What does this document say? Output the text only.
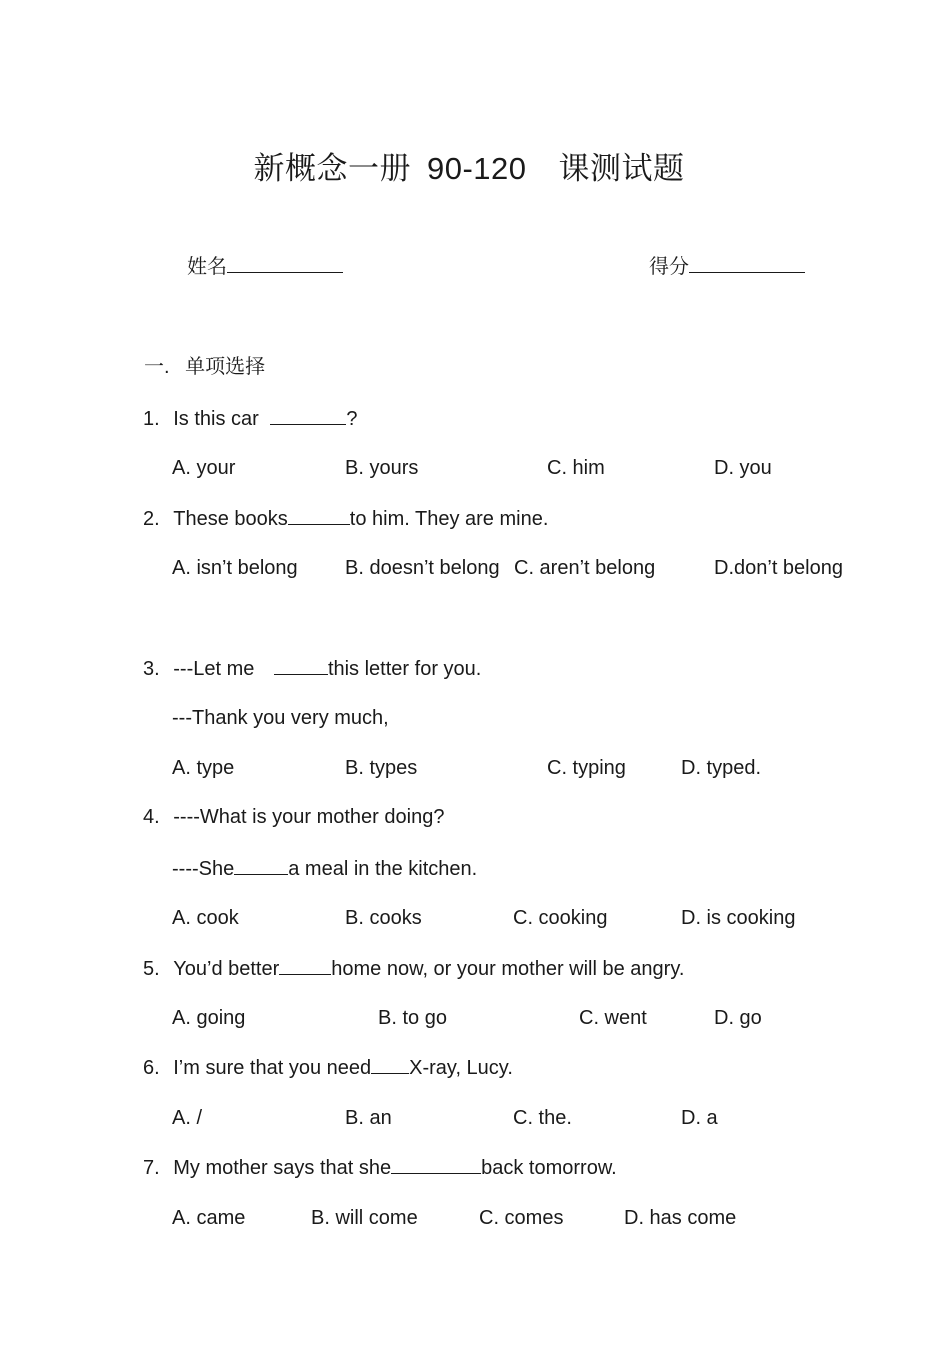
新概念一册 90-120 课测试题
姓名	得分
一. 单项选择
1. Is this car	?
A. your	B. yours	C. him	D. you
2. These books	to him. They are mine.
A. isn’t belong B. doesn’t belong C. aren’t belong	D.don’t belong
3. ---Let me	this letter for you.
---Thank you very much,
A. type	B. types	C. typing	D. typed.
4. ----What is your mother doing?
----She	a meal in the kitchen.
A. cook	B. cooks	C. cooking	D. is cooking
5. You’d better	home now, or your mother will be angry.
A. going	B. to go	C. went	D. go
6. I’m sure that you need X-ray, Lucy.
A. /	B. an	C. the.	D. a
7. My mother says that she	back tomorrow.
A. came	B. will come	C. comes	D. has come
